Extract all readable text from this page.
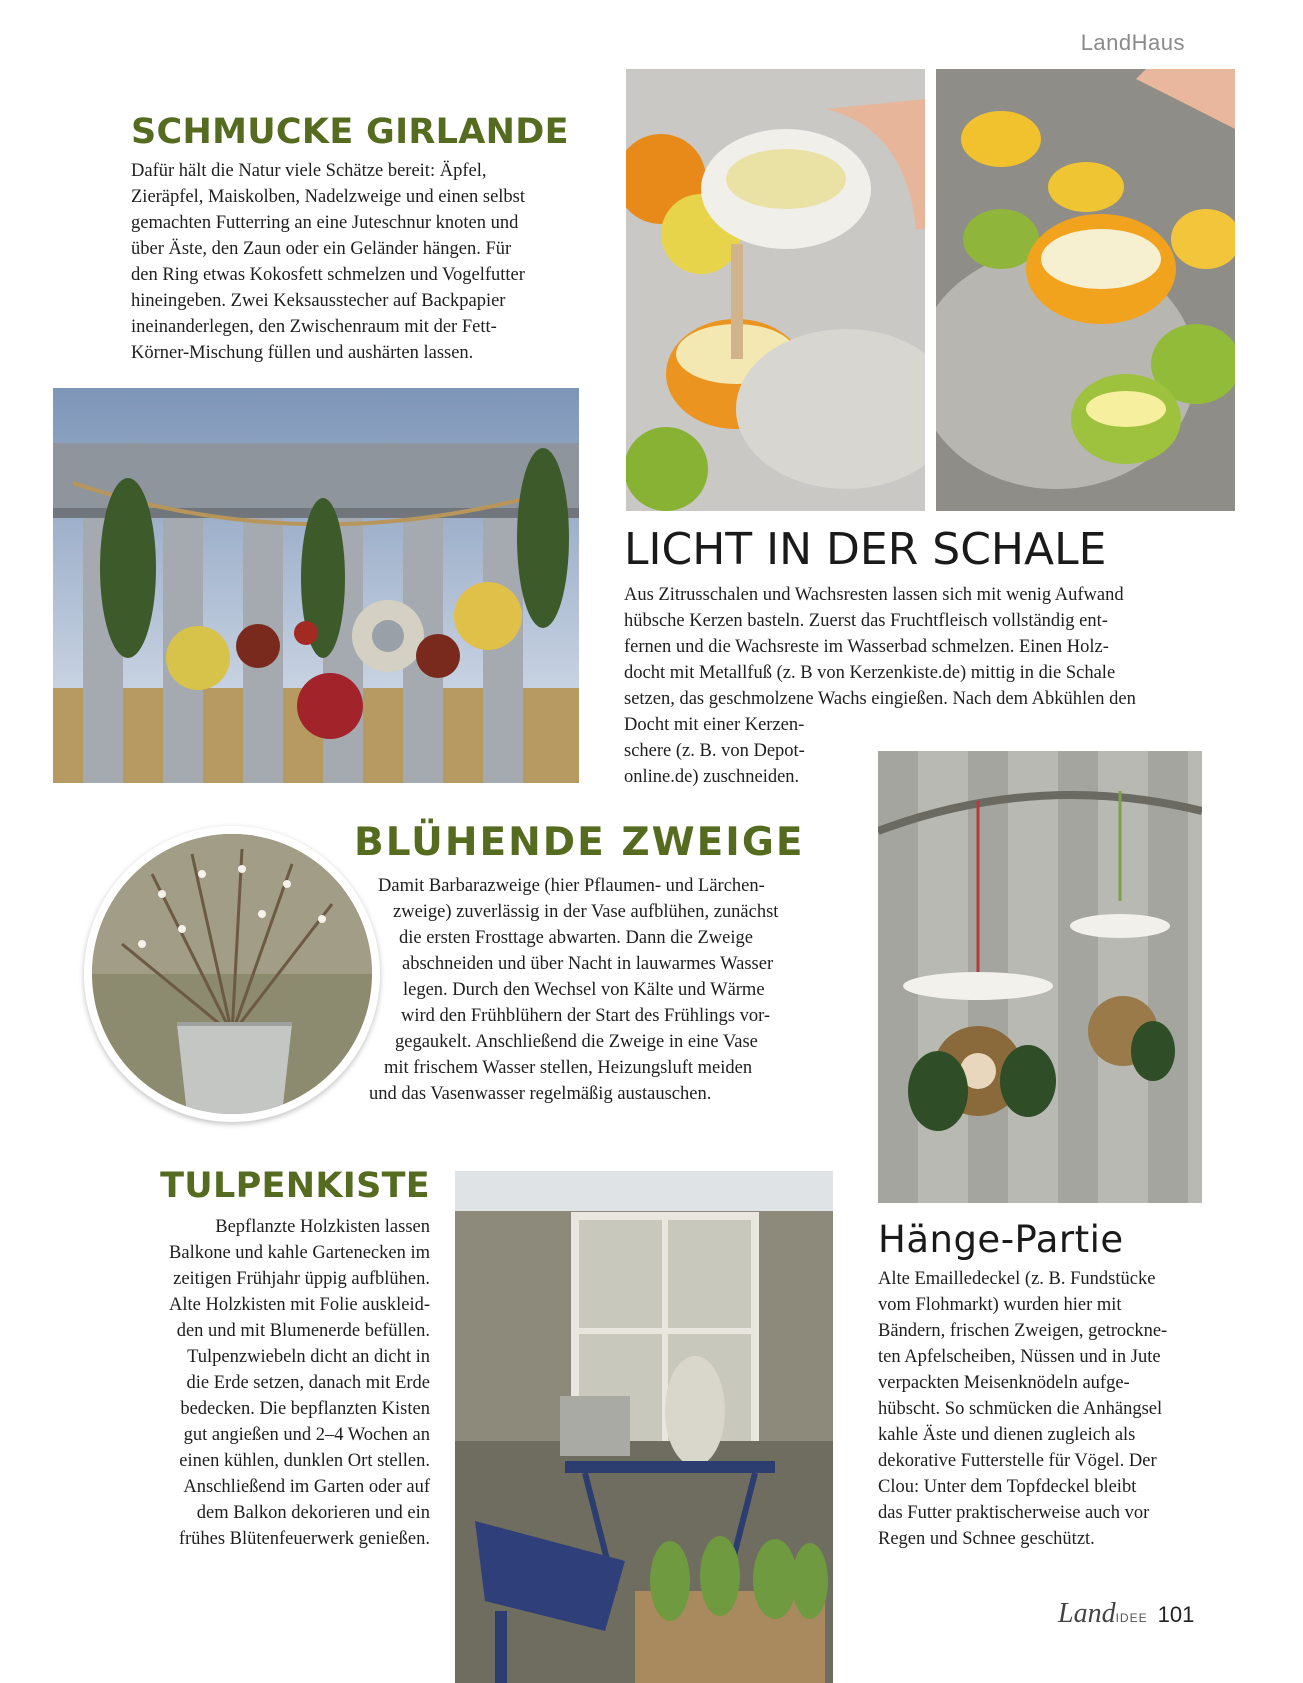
LandHaus
SCHMUCKE GIRLANDE

Dafür hält die Natur viele Schätze bereit: Äpfel,

Zieräpfel, Maiskolben, Nadelzweige und einen selbst

gemachten Futterring an eine Juteschnur knoten und

über Äste, den Zaun oder ein Geländer hängen. Für

den Ring etwas Kokosfett schmelzen und Vogelfutter

hineingeben. Zwei Keksausstecher auf Backpapier

ineinanderlegen, den Zwischenraum mit der Fett-

Körner-Mischung füllen und aushärten lassen.

LICHT IN DER SCHALE

Aus Zitrusschalen und Wachsresten lassen sich mit wenig Aufwand

hübsche Kerzen basteln. Zuerst das Fruchtfleisch vollständig ent-

fernen und die Wachsreste im Wasserbad schmelzen. Einen Holz-

docht mit Metallfuß (z. B von Kerzenkiste.de) mittig in die Schale

setzen, das geschmolzene Wachs eingießen. Nach dem Abkühlen den

Docht mit einer Kerzen-

schere (z. B. von Depot-

online.de) zuschneiden.

BLÜHENDE ZWEIGE

Damit Barbarazweige (hier Pflaumen- und Lärchen-

zweige) zuverlässig in der Vase aufblühen, zunächst

die ersten Frosttage abwarten. Dann die Zweige

abschneiden und über Nacht in lauwarmes Wasser

legen. Durch den Wechsel von Kälte und Wärme

wird den Frühblühern der Start des Frühlings vor-

gegaukelt. Anschließend die Zweige in eine Vase

mit frischem Wasser stellen, Heizungsluft meiden

und das Vasenwasser regelmäßig austauschen.

TULPENKISTE

Bepflanzte Holzkisten lassen

Balkone und kahle Gartenecken im

zeitigen Frühjahr üppig aufblühen.

Alte Holzkisten mit Folie auskleid-

den und mit Blumenerde befüllen.

Tulpenzwiebeln dicht an dicht in

die Erde setzen, danach mit Erde

bedecken. Die bepflanzten Kisten

gut angießen und 2–4 Wochen an

einen kühlen, dunklen Ort stellen.

Anschließend im Garten oder auf

dem Balkon dekorieren und ein

frühes Blütenfeuerwerk genießen.

Hänge-Partie

Alte Emailledeckel (z. B. Fundstücke

vom Flohmarkt) wurden hier mit

Bändern, frischen Zweigen, getrockne-

ten Apfelscheiben, Nüssen und in Jute

verpackten Meisenknödeln aufge-

hübscht. So schmücken die Anhängsel

kahle Äste und dienen zugleich als

dekorative Futterstelle für Vögel. Der

Clou: Unter dem Topfdeckel bleibt

das Futter praktischerweise auch vor

Regen und Schnee geschützt.

LandIDEE 101
